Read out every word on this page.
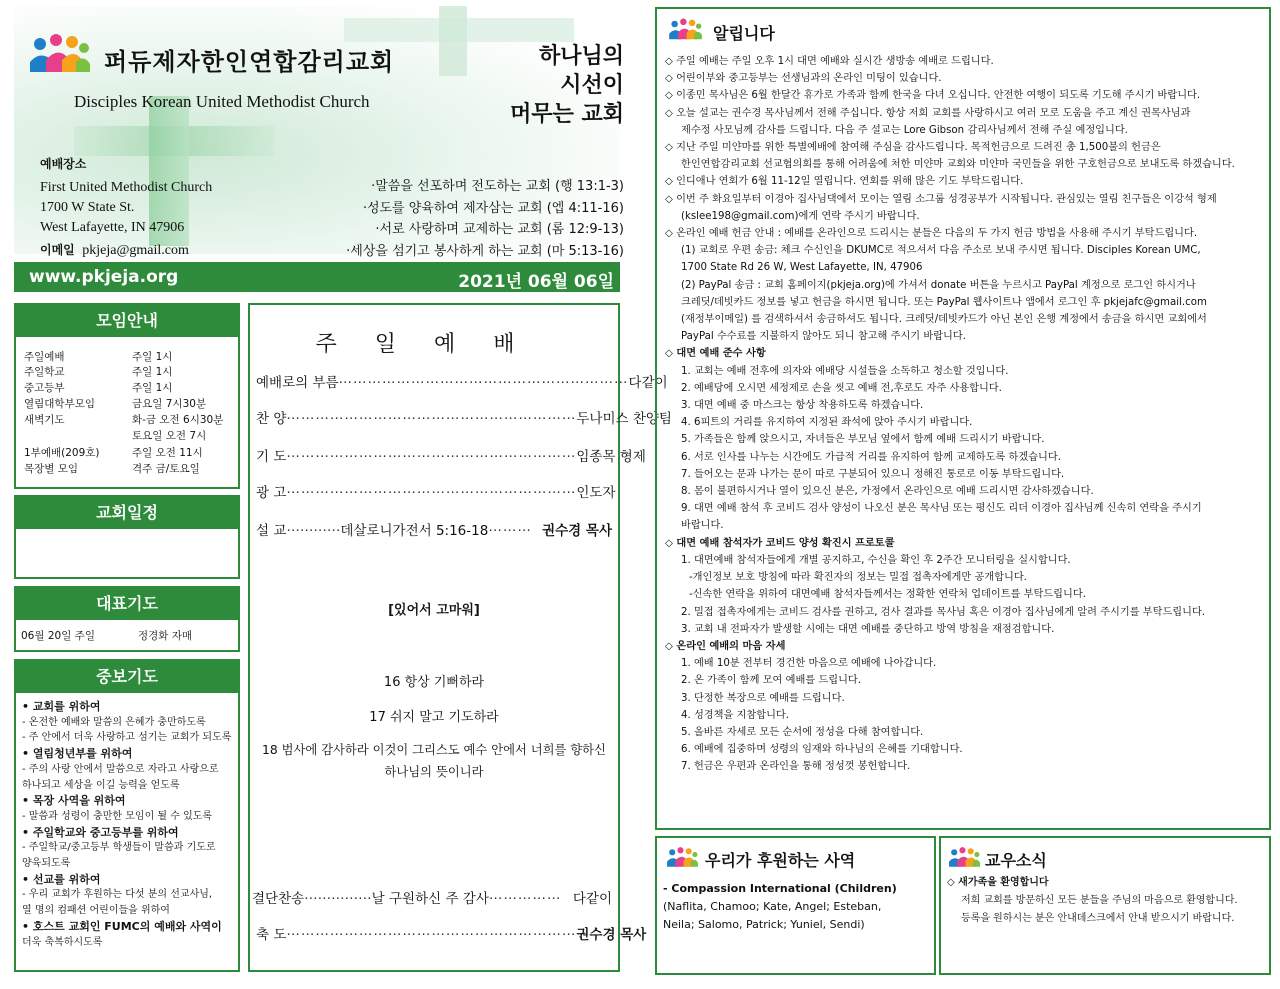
퍼듀제자한인연합감리교회
Disciples Korean United Methodist Church
하나님의
시선이
머무는 교회
예배장소
First United Methodist Church
1700 W State St.
West Lafayette, IN 47906
이메일 pkjeja@gmail.com
·말씀을 선포하며 전도하는 교회 (행 13:1-3)
·성도를 양육하여 제자삼는 교회 (엡 4:11-16)
·서로 사랑하며 교제하는 교회 (롬 12:9-13)
·세상을 섬기고 봉사하게 하는 교회 (마 5:13-16)
www.pkjeja.org	2021년 06월 06일
모임안내
주일예배	주일 1시
주일학교	주일 1시
중고등부	주일 1시
열림대학부모임	금요일 7시30분
새벽기도	화-금 오전 6시30분
토요일 오전 7시
1부예배(209호)	주일 오전 11시
목장별 모임	격주 금/토요일
교회일정
대표기도
06월 20일 주일	정경화 자매
중보기도
• 교회를 위하여
- 온전한 예배와 말씀의 은혜가 충만하도록
- 주 안에서 더욱 사랑하고 섬기는 교회가 되도록
• 열림청년부를 위하여
- 주의 사랑 안에서 말씀으로 자라고 사랑으로
하나되고 세상을 이길 능력을 얻도록
• 목장 사역을 위하여
- 말씀과 성령이 충만한 모임이 될 수 있도록
• 주일학교와 중고등부를 위하여
- 주일학교/중고등부 학생들이 말씀과 기도로
양육되도록
• 선교를 위하여
- 우리 교회가 후원하는 다섯 분의 선교사님,
열 명의 컴패션 어린이들을 위하여
• 호스트 교회인 FUMC의 예배와 사역이
더욱 축복하시도록
주일예배
예배로의 부름 …………………………………………………… 다같이
찬 양 …………………………………………………… 두나미스 찬양팀
기 도 …………………………………………………… 임종목 형제
광 고 …………………………………………………… 인도자
설 교 ………… 데살로니가전서 5:16-18 ……… 권수경 목사
[있어서 고마워]
16 항상 기뻐하라
17 쉬지 말고 기도하라
18 범사에 감사하라 이것이 그리스도 예수 안에서 너희를 향하신
하나님의 뜻이니라
결단찬송 …………… 날 구원하신 주 감사 …………… 다같이
축 도 …………………………………………………… 권수경 목사
알립니다

◇ 주일 예배는 주일 오후 1시 대면 예배와 실시간 생방송 예배로 드립니다.

◇ 어린이부와 중고등부는 선생님과의 온라인 미팅이 있습니다.

◇ 이종민 목사님은 6월 한달간 휴가로 가족과 함께 한국을 다녀 오십니다. 안전한 여행이 되도록 기도해 주시기 바랍니다.

◇ 오늘 설교는 권수경 목사님께서 전해 주십니다. 항상 저희 교회를 사랑하시고 여러 모로 도움을 주고 계신 권목사님과

제수정 사모님께 감사를 드립니다. 다음 주 설교는 Lore Gibson 감리사님께서 전해 주실 예정입니다.

◇ 지난 주일 미얀마를 위한 특별예배에 참여해 주심을 감사드립니다. 목적헌금으로 드려진 총 1,500불의 헌금은

한인연합감리교회 선교협의회를 통해 어려움에 처한 미얀마 교회와 미얀마 국민들을 위한 구호헌금으로 보내도록 하겠습니다.

◇ 인디애나 연회가 6월 11-12일 열립니다. 연회를 위해 많은 기도 부탁드립니다.

◇ 이번 주 화요일부터 이경아 집사님댁에서 모이는 열림 소그룹 성경공부가 시작됩니다. 관심있는 열림 친구들은 이강석 형제

(kslee198@gmail.com)에게 연락 주시기 바랍니다.

◇ 온라인 예배 헌금 안내 : 예배를 온라인으로 드리시는 분들은 다음의 두 가지 헌금 방법을 사용해 주시기 부탁드립니다.

(1) 교회로 우편 송금: 체크 수신인을 DKUMC로 적으셔서 다음 주소로 보내 주시면 됩니다. Disciples Korean UMC,

1700 State Rd 26 W, West Lafayette, IN, 47906

(2) PayPal 송금 : 교회 홈페이지(pkjeja.org)에 가셔서 donate 버튼을 누르시고 PayPal 계정으로 로그인 하시거나

크레딧/데빗카드 정보를 넣고 헌금을 하시면 됩니다. 또는 PayPal 웹사이트나 앱에서 로그인 후 pkjejafc@gmail.com

(재정부이메일) 를 검색하셔서 송금하셔도 됩니다. 크레딧/데빗카드가 아닌 본인 은행 계정에서 송금을 하시면 교회에서

PayPal 수수료를 지불하지 않아도 되니 참고해 주시기 바랍니다.

◇ 대면 예배 준수 사항

1. 교회는 예배 전후에 의자와 예배당 시설들을 소독하고 청소할 것입니다.

2. 예배당에 오시면 세정제로 손을 씻고 예배 전,후로도 자주 사용합니다.

3. 대면 예배 중 마스크는 항상 착용하도록 하겠습니다.

4. 6피트의 거리를 유지하여 지정된 좌석에 앉아 주시기 바랍니다.

5. 가족들은 함께 앉으시고, 자녀들은 부모님 옆에서 함께 예배 드리시기 바랍니다.

6. 서로 인사를 나누는 시간에도 가급적 거리를 유지하여 함께 교제하도록 하겠습니다.

7. 들어오는 문과 나가는 문이 따로 구분되어 있으니 정해진 통로로 이동 부탁드립니다.

8. 몸이 불편하시거나 열이 있으신 분은, 가정에서 온라인으로 예배 드리시면 감사하겠습니다.

9. 대면 예배 참석 후 코비드 검사 양성이 나오신 분은 목사님 또는 평신도 리더 이경아 집사님께 신속히 연락을 주시기

바랍니다.

◇ 대면 예배 참석자가 코비드 양성 확진시 프로토콜

1. 대면예배 참석자들에게 개별 공지하고, 수신을 확인 후 2주간 모니터링을 실시합니다.

-개인정보 보호 방침에 따라 확진자의 정보는 밀접 접촉자에게만 공개합니다.

-신속한 연락을 위하여 대면예배 참석자들께서는 정확한 연락처 업데이트를 부탁드립니다.

2. 밀접 접촉자에게는 코비드 검사를 권하고, 검사 결과를 목사님 혹은 이경아 집사님에게 알려 주시기를 부탁드립니다.

3. 교회 내 전파자가 발생할 시에는 대면 예배를 중단하고 방역 방침을 재점검합니다.

◇ 온라인 예배의 마음 자세

1. 예배 10분 전부터 경건한 마음으로 예배에 나아갑니다.

2. 온 가족이 함께 모여 예배를 드립니다.

3. 단정한 복장으로 예배를 드립니다.

4. 성경책을 지참합니다.

5. 올바른 자세로 모든 순서에 정성을 다해 참여합니다.

6. 예배에 집중하며 성령의 임재와 하나님의 은혜를 기대합니다.

7. 헌금은 우편과 온라인을 통해 정성껏 봉헌합니다.

우리가 후원하는 사역
- Compassion International (Children)
(Naflita, Chamoo; Kate, Angel; Esteban,
Neila; Salomo, Patrick; Yuniel, Sendi)
교우소식
◇ 새가족을 환영합니다
저희 교회를 방문하신 모든 분들을 주님의 마음으로 환영합니다.
등록을 원하시는 분은 안내데스크에서 안내 받으시기 바랍니다.
